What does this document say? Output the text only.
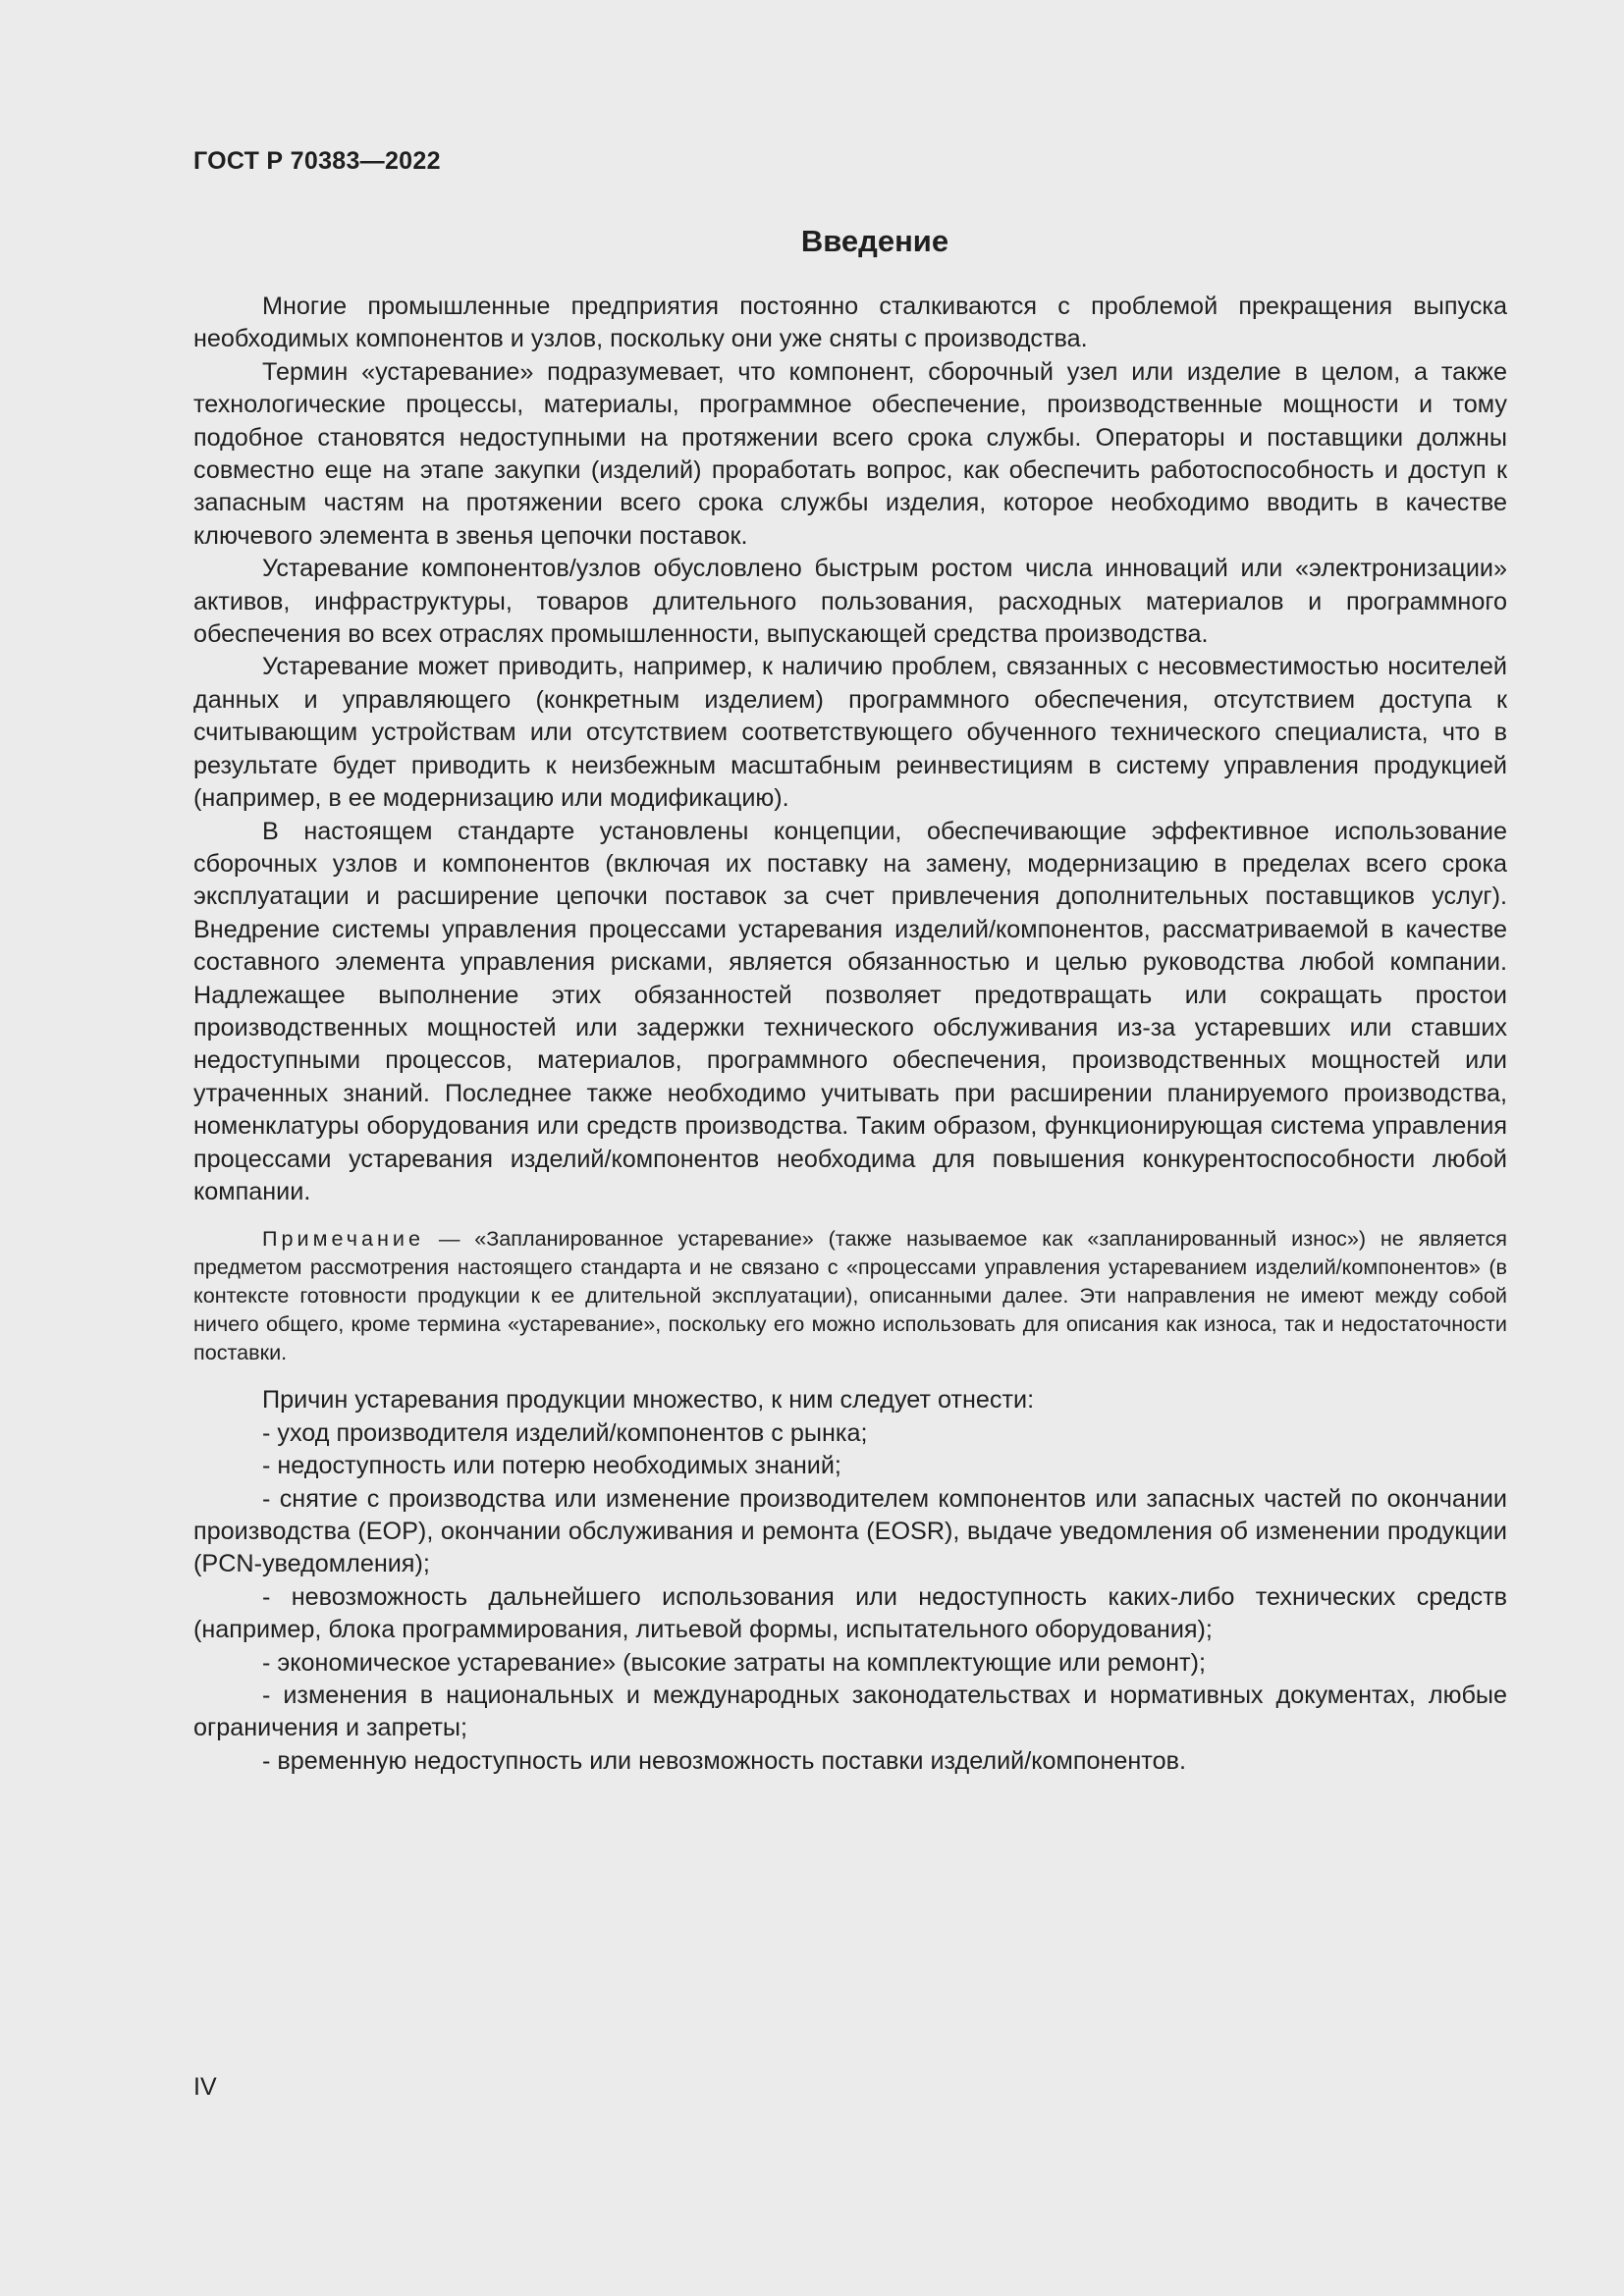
ГОСТ Р 70383—2022
Введение

Многие промышленные предприятия постоянно сталкиваются с проблемой прекращения выпуска необходимых компонентов и узлов, поскольку они уже сняты с производства.

Термин «устаревание» подразумевает, что компонент, сборочный узел или изделие в целом, а также технологические процессы, материалы, программное обеспечение, производственные мощности и тому подобное становятся недоступными на протяжении всего срока службы. Операторы и поставщики должны совместно еще на этапе закупки (изделий) проработать вопрос, как обеспечить работоспособность и доступ к запасным частям на протяжении всего срока службы изделия, которое необходимо вводить в качестве ключевого элемента в звенья цепочки поставок.

Устаревание компонентов/узлов обусловлено быстрым ростом числа инноваций или «электронизации» активов, инфраструктуры, товаров длительного пользования, расходных материалов и программного обеспечения во всех отраслях промышленности, выпускающей средства производства.

Устаревание может приводить, например, к наличию проблем, связанных с несовместимостью носителей данных и управляющего (конкретным изделием) программного обеспечения, отсутствием доступа к считывающим устройствам или отсутствием соответствующего обученного технического специалиста, что в результате будет приводить к неизбежным масштабным реинвестициям в систему управления продукцией (например, в ее модернизацию или модификацию).

В настоящем стандарте установлены концепции, обеспечивающие эффективное использование сборочных узлов и компонентов (включая их поставку на замену, модернизацию в пределах всего срока эксплуатации и расширение цепочки поставок за счет привлечения дополнительных поставщиков услуг). Внедрение системы управления процессами устаревания изделий/компонентов, рассматриваемой в качестве составного элемента управления рисками, является обязанностью и целью руководства любой компании. Надлежащее выполнение этих обязанностей позволяет предотвращать или сокращать простои производственных мощностей или задержки технического обслуживания из-за устаревших или ставших недоступными процессов, материалов, программного обеспечения, производственных мощностей или утраченных знаний. Последнее также необходимо учитывать при расширении планируемого производства, номенклатуры оборудования или средств производства. Таким образом, функционирующая система управления процессами устаревания изделий/компонентов необходима для повышения конкурентоспособности любой компании.

Примечание — «Запланированное устаревание» (также называемое как «запланированный износ») не является предметом рассмотрения настоящего стандарта и не связано с «процессами управления устареванием изделий/компонентов» (в контексте готовности продукции к ее длительной эксплуатации), описанными далее. Эти направления не имеют между собой ничего общего, кроме термина «устаревание», поскольку его можно использовать для описания как износа, так и недостаточности поставки.

Причин устаревания продукции множество, к ним следует отнести:

- уход производителя изделий/компонентов с рынка;

- недоступность или потерю необходимых знаний;

- снятие с производства или изменение производителем компонентов или запасных частей по окончании производства (EOP), окончании обслуживания и ремонта (EOSR), выдаче уведомления об изменении продукции (PCN-уведомления);

- невозможность дальнейшего использования или недоступность каких-либо технических средств (например, блока программирования, литьевой формы, испытательного оборудования);

- экономическое устаревание» (высокие затраты на комплектующие или ремонт);

- изменения в национальных и международных законодательствах и нормативных документах, любые ограничения и запреты;

- временную недоступность или невозможность поставки изделий/компонентов.

IV
